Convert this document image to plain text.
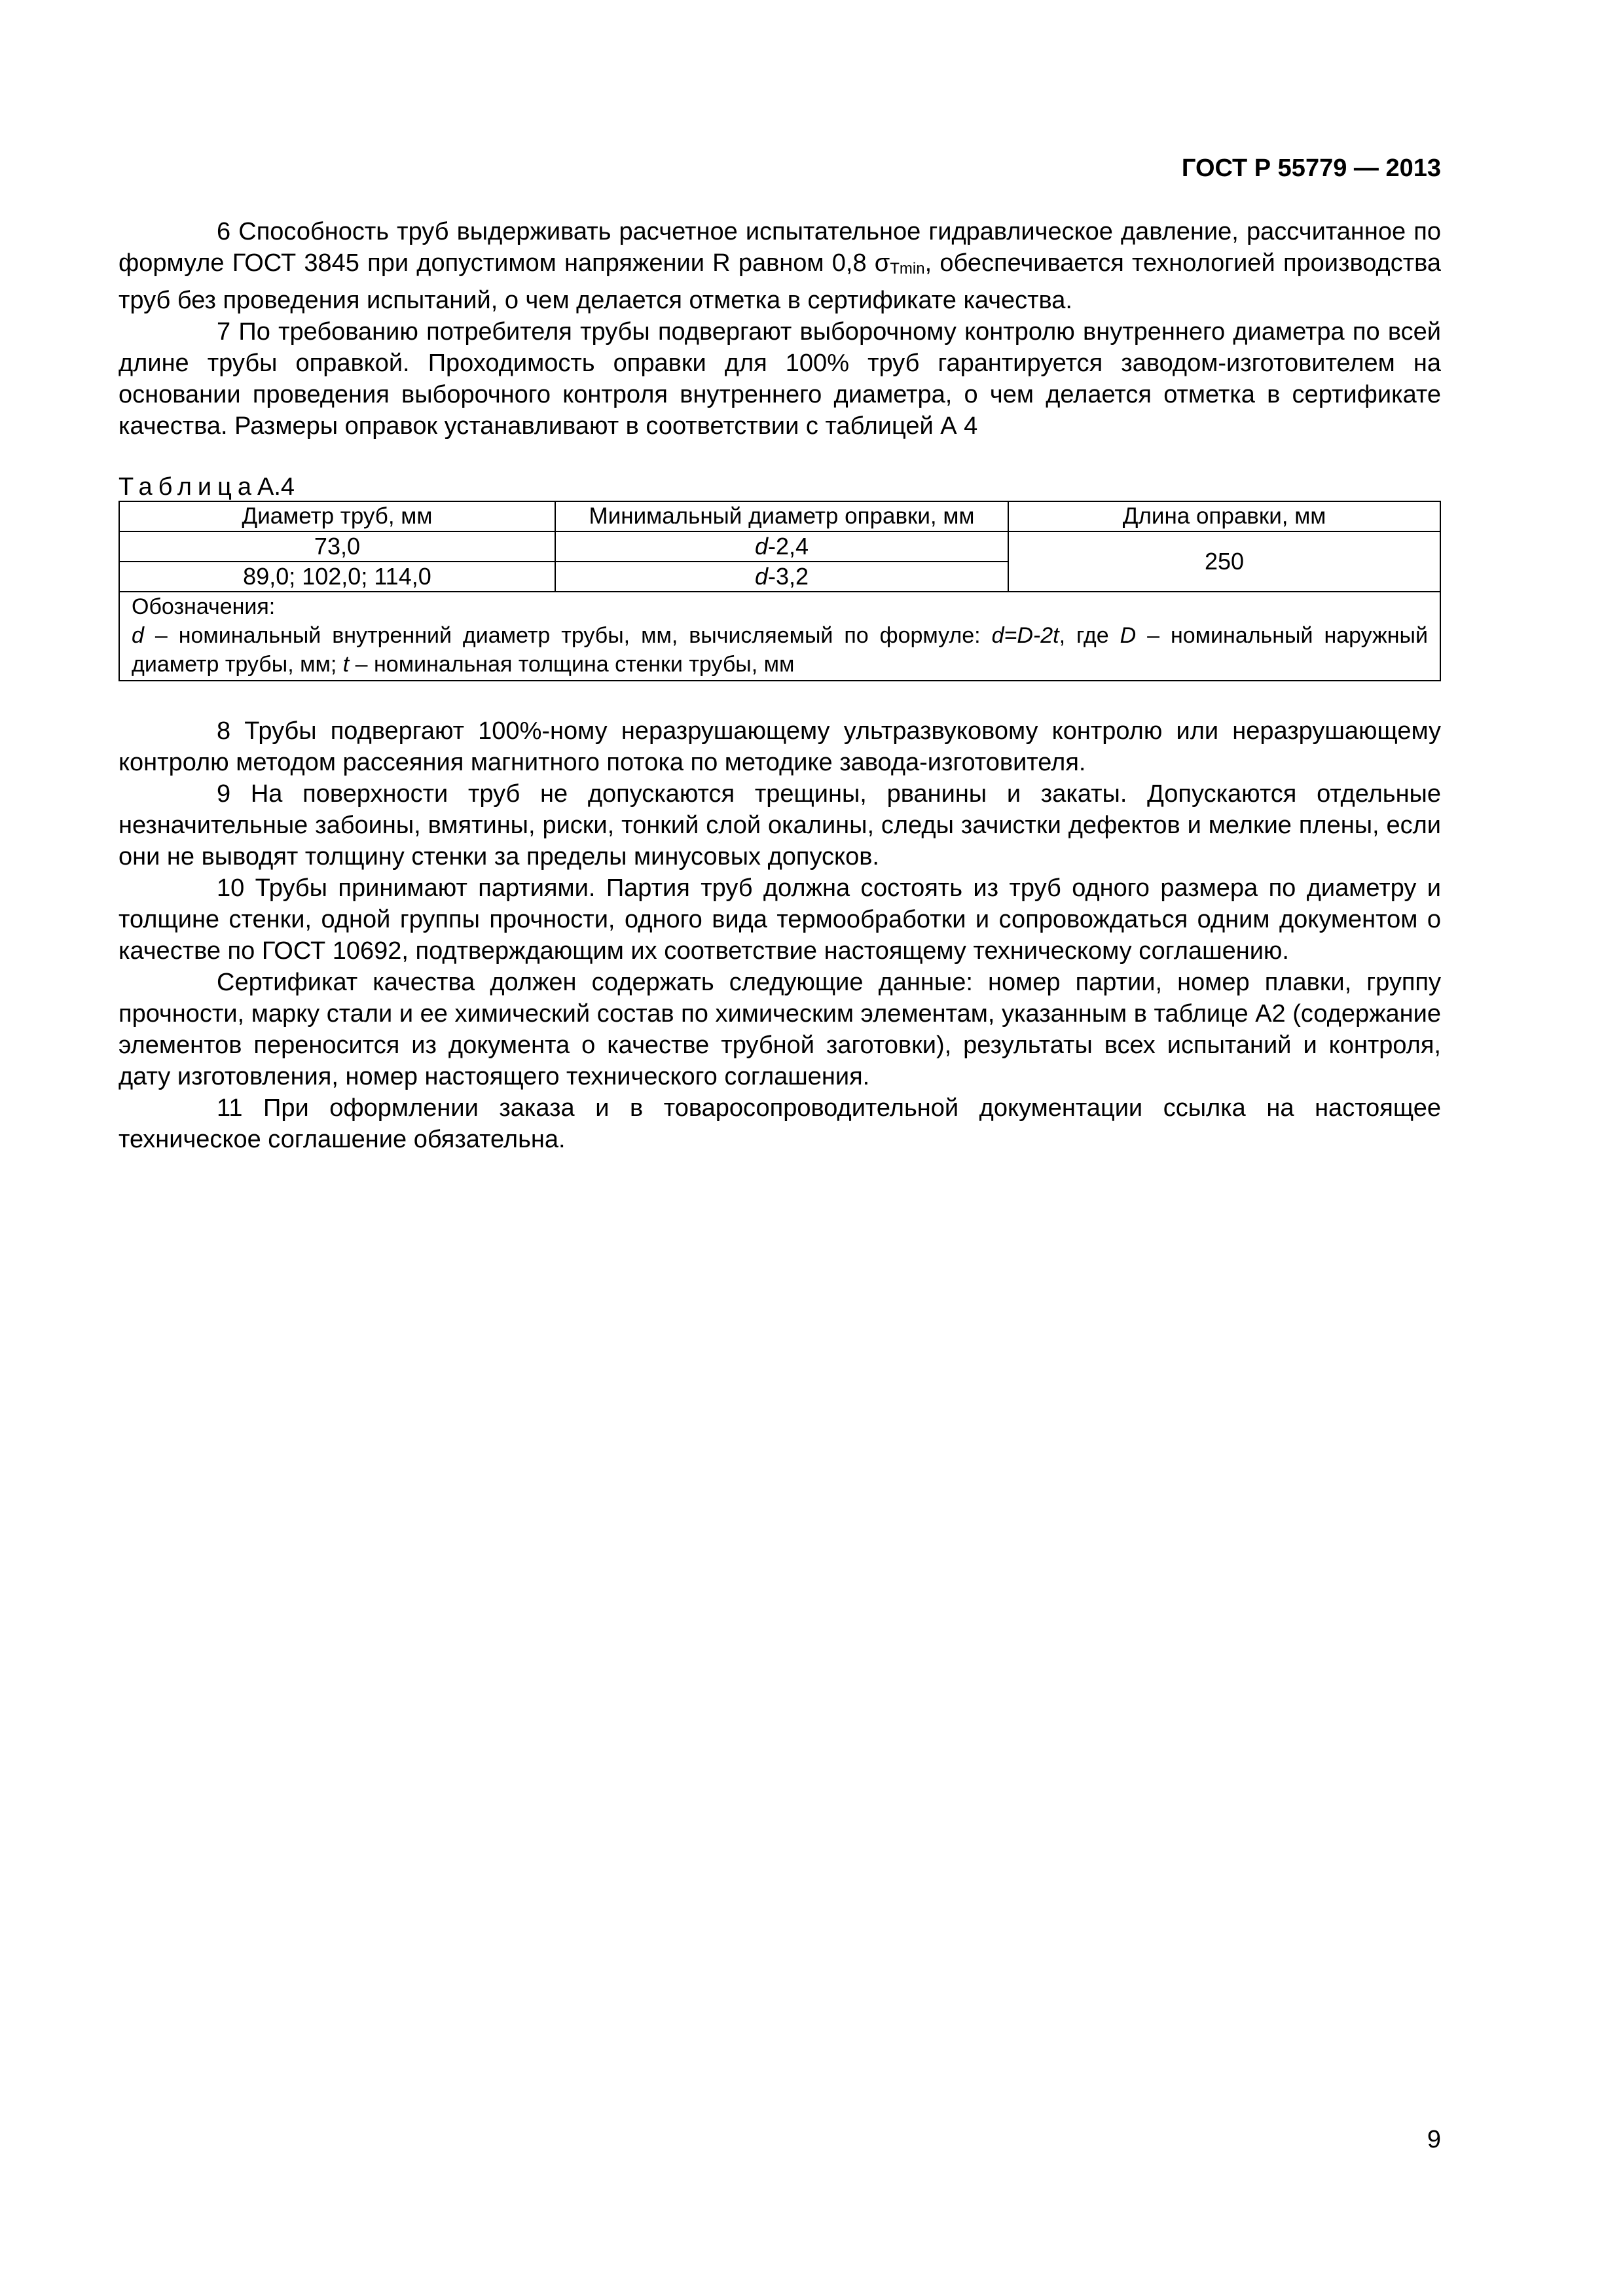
ГОСТ Р 55779 — 2013

6 Способность труб выдерживать расчетное испытательное гидравлическое давление, рассчитанное по формуле ГОСТ 3845 при допустимом напряжении R равном 0,8 $\sigma_{Tmin}$, обеспечивается технологией производства труб без проведения испытаний, о чем делается отметка в сертификате качества.

7 По требованию потребителя трубы подвергают выборочному контролю внутреннего диаметра по всей длине трубы оправкой. Проходимость оправки для 100% труб гарантируется заводом-изготовителем на основании проведения выборочного контроля внутреннего диаметра, о чем делается отметка в сертификате качества. Размеры оправок устанавливают в соответствии с таблицей А 4

ТаблицаА.4
Диаметр труб, мм	Минимальный диаметр оправки, мм	Длина оправки, мм
73,0	d-2,4	250
89,0; 102,0; 114,0	d-3,2	

Обозначения:
d – номинальный внутренний диаметр трубы, мм, вычисляемый по формуле: d=D-2t, где D – номинальный наружный диаметр трубы, мм; t – номинальная толщина стенки трубы, мм		

8 Трубы подвергают 100%-ному неразрушающему ультразвуковому контролю или неразрушающему контролю методом рассеяния магнитного потока по методике завода-изготовителя.

9 На поверхности труб не допускаются трещины, рванины и закаты. Допускаются отдельные незначительные забоины, вмятины, риски, тонкий слой окалины, следы зачистки дефектов и мелкие плены, если они не выводят толщину стенки за пределы минусовых допусков.

10 Трубы принимают партиями. Партия труб должна состоять из труб одного размера по диаметру и толщине стенки, одной группы прочности, одного вида термообработки и сопровождаться одним документом о качестве по ГОСТ 10692, подтверждающим их соответствие настоящему техническому соглашению.

Сертификат качества должен содержать следующие данные: номер партии, номер плавки, группу прочности, марку стали и ее химический состав по химическим элементам, указанным в таблице А2 (содержание элементов переносится из документа о качестве трубной заготовки), результаты всех испытаний и контроля, дату изготовления, номер настоящего технического соглашения.

11 При оформлении заказа и в товаросопроводительной документации ссылка на настоящее техническое соглашение обязательна.

9
